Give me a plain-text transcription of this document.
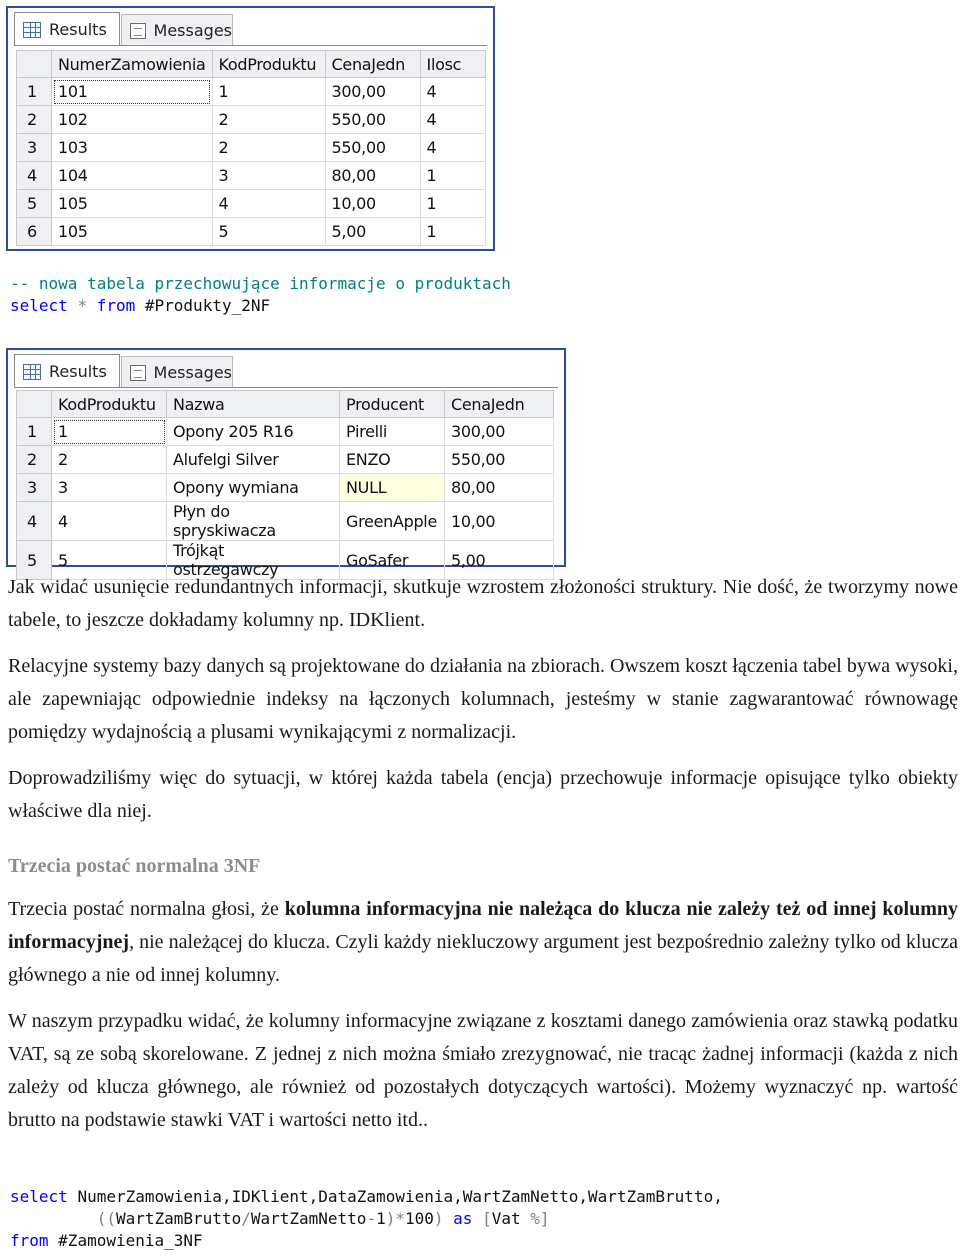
Results	Messages
	NumerZamowienia	KodProduktu	CenaJedn	Ilosc
1	101	1	300,00	4
2	102	2	550,00	4
3	103	2	550,00	4
4	104	3	80,00	1
5	105	4	10,00	1
6	105	5	5,00	1
-- nowa tabela przechowujące informacje o produktach
select * from #Produkty_2NF
Results	Messages
	KodProduktu	Nazwa	Producent	CenaJedn
1	1	Opony 205 R16	Pirelli	300,00
2	2	Alufelgi Silver	ENZO	550,00
3	3	Opony wymiana	NULL	80,00
4	4	Płyn do spryskiwacza	GreenApple	10,00
5	5	Trójkąt ostrzegawczy	GoSafer	5,00

Jak widać usunięcie redundantnych informacji, skutkuje wzrostem złożoności struktury. Nie dość, że tworzymy nowe tabele, to jeszcze dokładamy kolumny np. IDKlient.

Relacyjne systemy bazy danych są projektowane do działania na zbiorach. Owszem koszt łączenia tabel bywa wysoki, ale zapewniając odpowiednie indeksy na łączonych kolumnach, jesteśmy w stanie zagwarantować równowagę pomiędzy wydajnością a plusami wynikającymi z normalizacji.

Doprowadziliśmy więc do sytuacji, w której każda tabela (encja) przechowuje informacje opisujące tylko obiekty właściwe dla niej.

Trzecia postać normalna 3NF

Trzecia postać normalna głosi, że kolumna informacyjna nie należąca do klucza nie zależy też od innej kolumny informacyjnej, nie należącej do klucza. Czyli każdy niekluczowy argument jest bezpośrednio zależny tylko od klucza głównego a nie od innej kolumny.

W naszym przypadku widać, że kolumny informacyjne związane z kosztami danego zamówienia oraz stawką podatku VAT, są ze sobą skorelowane. Z jednej z nich można śmiało zrezygnować, nie tracąc żadnej informacji (każda z nich zależy od klucza głównego, ale również od pozostałych dotyczących wartości). Możemy wyznaczyć np. wartość brutto na podstawie stawki VAT i wartości netto itd..

select NumerZamowienia,IDKlient,DataZamowienia,WartZamNetto,WartZamBrutto,
((WartZamBrutto/WartZamNetto-1)*100) as [Vat %]
from #Zamowienia_3NF
